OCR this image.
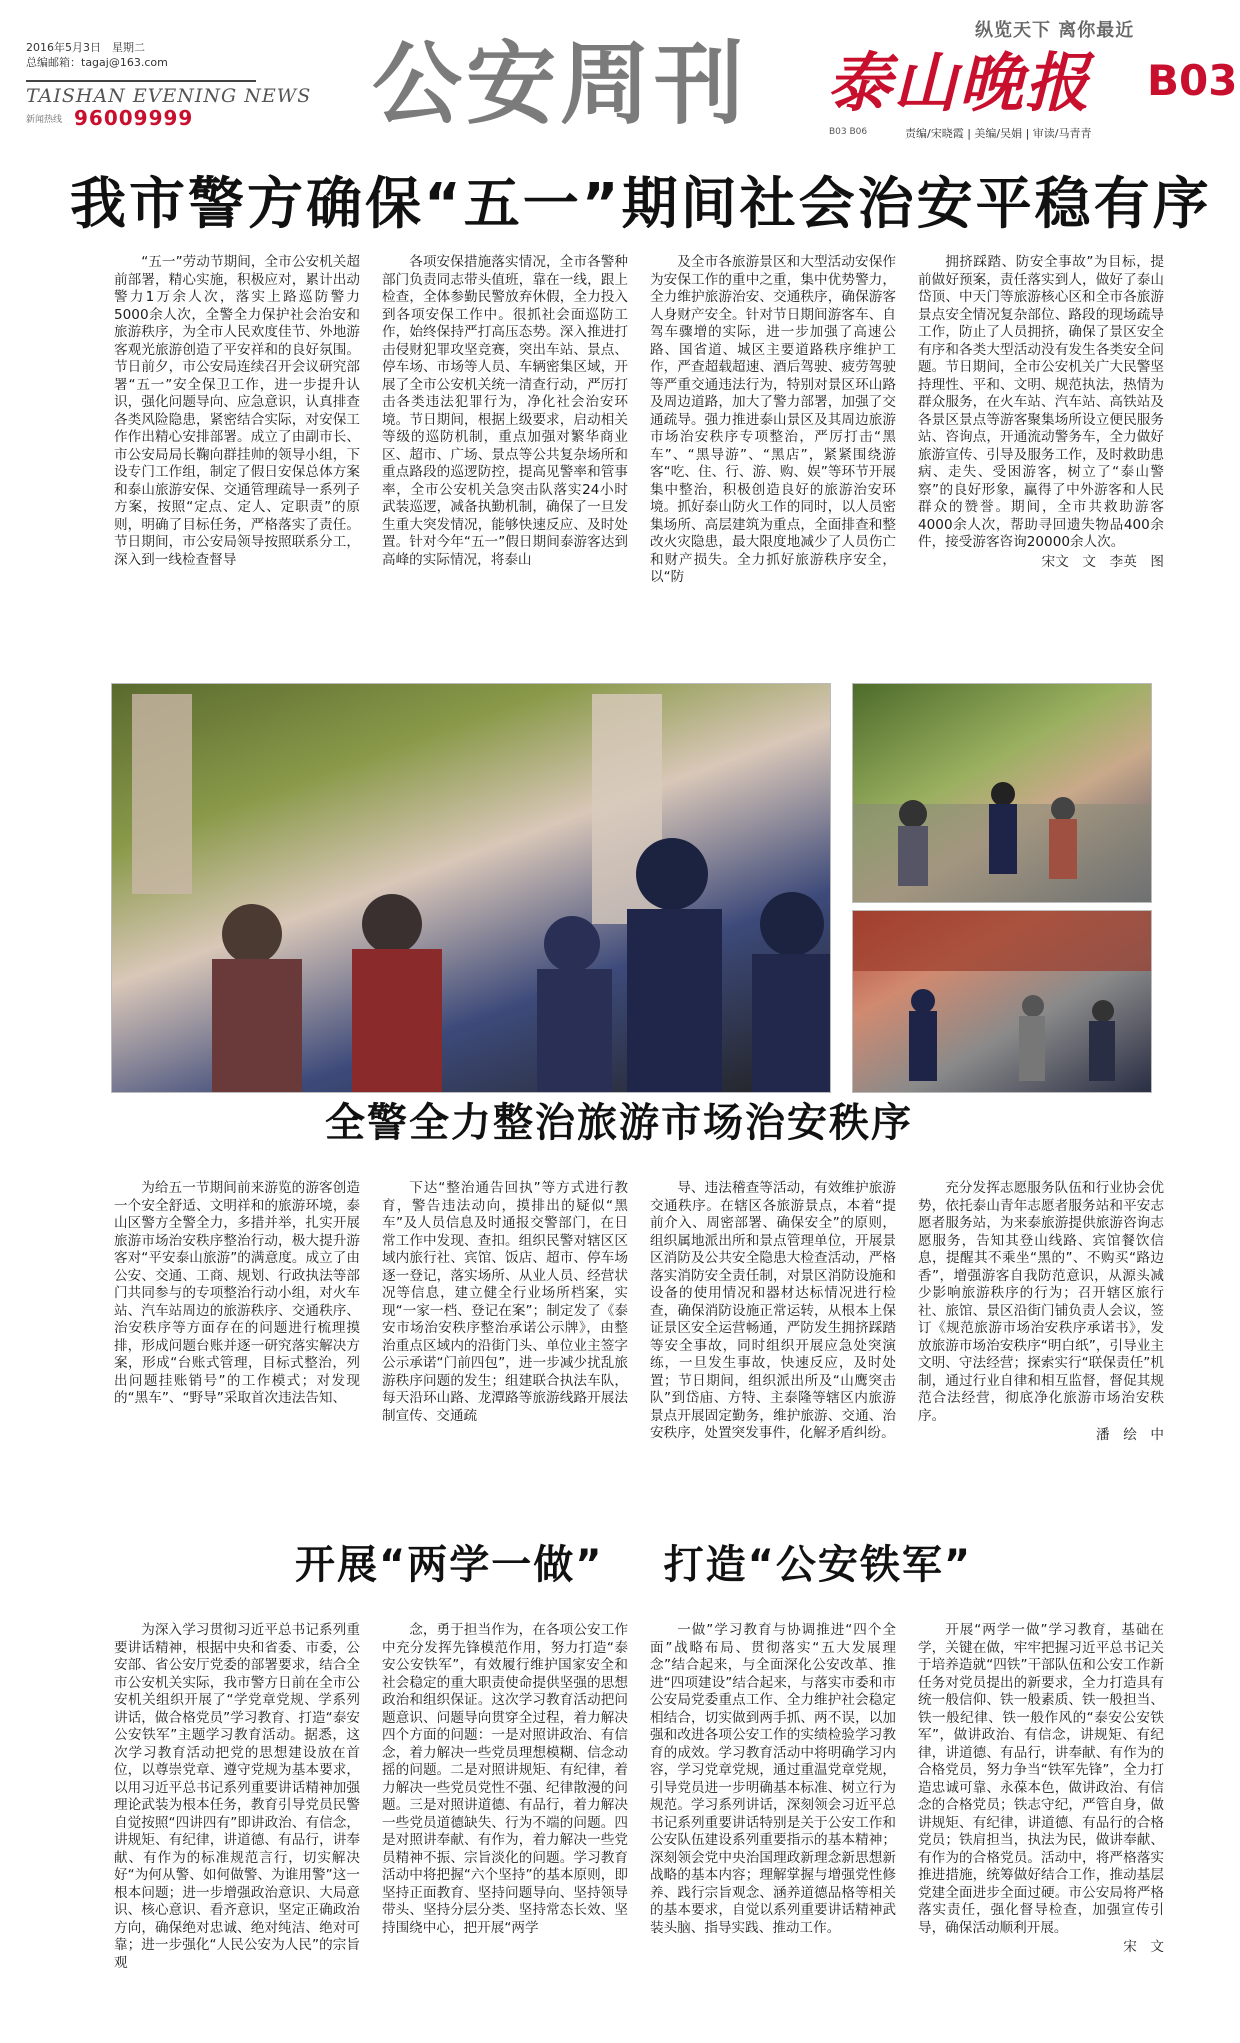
2016年5月3日　星期二
总编邮箱：tagaj@163.com
TAISHAN EVENING NEWS
新闻热线 96009999 公安周刊
纵览天下 离你最近
泰山晚报 B03
B03 B06	责编/宋晓霞 | 美编/吴娟 | 审读/马青青
我市警方确保“五一”期间社会治安平稳有序
“五一”劳动节期间，全市公安机关超前部署，精心实施，积极应对，累计出动警力1万余人次，落实上路巡防警力5000余人次，全警全力保护社会治安和旅游秩序，为全市人民欢度佳节、外地游客观光旅游创造了平安祥和的良好氛围。节日前夕，市公安局连续召开会议研究部署“五一”安全保卫工作，进一步提升认识，强化问题导向、应急意识，认真排查各类风险隐患，紧密结合实际，对安保工作作出精心安排部署。成立了由副市长、市公安局局长鞠向群挂帅的领导小组，下设专门工作组，制定了假日安保总体方案和泰山旅游安保、交通管理疏导一系列子方案，按照“定点、定人、定职责”的原则，明确了目标任务，严格落实了责任。节日期间，市公安局领导按照联系分工，深入到一线检查督导
各项安保措施落实情况，全市各警种部门负责同志带头值班，靠在一线，跟上检查，全体参勤民警放弃休假，全力投入到各项安保工作中。很抓社会面巡防工作，始终保持严打高压态势。深入推进打击侵财犯罪攻坚竞赛，突出车站、景点、停车场、市场等人员、车辆密集区域，开展了全市公安机关统一清查行动，严厉打击各类违法犯罪行为，净化社会治安环境。节日期间，根据上级要求，启动相关等级的巡防机制，重点加强对繁华商业区、超市、广场、景点等公共复杂场所和重点路段的巡逻防控，提高见警率和管事率，全市公安机关急突击队落实24小时武装巡逻，减备执勤机制，确保了一旦发生重大突发情况，能够快速反应、及时处置。针对今年“五一”假日期间泰游客达到高峰的实际情况，将泰山
及全市各旅游景区和大型活动安保作为安保工作的重中之重，集中优势警力，全力维护旅游治安、交通秩序，确保游客人身财产安全。针对节日期间游客车、自驾车骤增的实际，进一步加强了高速公路、国省道、城区主要道路秩序维护工作，严查超载超速、酒后驾驶、疲劳驾驶等严重交通违法行为，特别对景区环山路及周边道路，加大了警力部署，加强了交通疏导。强力推进泰山景区及其周边旅游市场治安秩序专项整治，严厉打击“黑车”、“黑导游”、“黑店”，紧紧围绕游客“吃、住、行、游、购、娱”等环节开展集中整治，积极创造良好的旅游治安环境。抓好泰山防火工作的同时，以人员密集场所、高层建筑为重点，全面排查和整改火灾隐患，最大限度地减少了人员伤亡和财产损失。全力抓好旅游秩序安全，以“防
拥挤踩踏、防安全事故”为目标，提前做好预案，责任落实到人，做好了泰山岱顶、中天门等旅游核心区和全市各旅游景点安全情况复杂部位、路段的现场疏导工作，防止了人员拥挤，确保了景区安全有序和各类大型活动没有发生各类安全问题。节日期间，全市公安机关广大民警坚持理性、平和、文明、规范执法，热情为群众服务，在火车站、汽车站、高铁站及各景区景点等游客聚集场所设立便民服务站、咨询点，开通流动警务车，全力做好旅游宣传、引导及服务工作，及时救助患病、走失、受困游客，树立了“泰山警察”的良好形象，赢得了中外游客和人民群众的赞誉。期间，全市共救助游客4000余人次，帮助寻回遗失物品400余件，接受游客咨询20000余人次。
宋文　文　李英　图
全警全力整治旅游市场治安秩序
为给五一节期间前来游览的游客创造一个安全舒适、文明祥和的旅游环境，泰山区警方全警全力，多措并举，扎实开展旅游市场治安秩序整治行动，极大提升游客对“平安泰山旅游”的满意度。成立了由公安、交通、工商、规划、行政执法等部门共同参与的专项整治行动小组，对火车站、汽车站周边的旅游秩序、交通秩序、治安秩序等方面存在的问题进行梳理摸排，形成问题台账并逐一研究落实解决方案，形成“台账式管理，目标式整治，列出问题挂账销号”的工作模式；对发现的“黑车”、“野导”采取首次违法告知、
下达“整治通告回执”等方式进行教育，警告违法动向，摸排出的疑似“黑车”及人员信息及时通报交警部门，在日常工作中发现、查扣。组织民警对辖区区域内旅行社、宾馆、饭店、超市、停车场逐一登记，落实场所、从业人员、经营状况等信息，建立健全行业场所档案，实现“一家一档、登记在案”；制定发了《泰安市场治安秩序整治承诺公示牌》，由整治重点区域内的沿街门头、单位业主签字公示承诺“门前四包”，进一步减少扰乱旅游秩序问题的发生；组建联合执法车队，每天沿环山路、龙潭路等旅游线路开展法制宣传、交通疏
导、违法稽查等活动，有效维护旅游交通秩序。在辖区各旅游景点，本着“提前介入、周密部署、确保安全”的原则，组织属地派出所和景点管理单位，开展景区消防及公共安全隐患大检查活动，严格落实消防安全责任制，对景区消防设施和设备的使用情况和器材达标情况进行检查，确保消防设施正常运转，从根本上保证景区安全运营畅通，严防发生拥挤踩踏等安全事故，同时组织开展应急处突演练，一旦发生事故，快速反应，及时处置；节日期间，组织派出所及“山鹰突击队”到岱庙、方特、主泰隆等辖区内旅游景点开展固定勤务，维护旅游、交通、治安秩序，处置突发事件，化解矛盾纠纷。
充分发挥志愿服务队伍和行业协会优势，依托泰山青年志愿者服务站和平安志愿者服务站，为来泰旅游提供旅游咨询志愿服务，告知其登山线路、宾馆餐饮信息，提醒其不乘坐“黑的”、不购买“路边香”，增强游客自我防范意识，从源头减少影响旅游秩序的行为；召开辖区旅行社、旅馆、景区沿街门铺负责人会议，签订《规范旅游市场治安秩序承诺书》，发放旅游市场治安秩序“明白纸”，引导业主文明、守法经营；探索实行“联保责任”机制，通过行业自律和相互监督，督促其规范合法经营，彻底净化旅游市场治安秩序。
潘　绘　中
开展“两学一做” 打造“公安铁军”
为深入学习贯彻习近平总书记系列重要讲话精神，根据中央和省委、市委，公安部、省公安厅党委的部署要求，结合全市公安机关实际，我市警方日前在全市公安机关组织开展了“学党章党规、学系列讲话，做合格党员”学习教育、打造“泰安公安铁军”主题学习教育活动。据悉，这次学习教育活动把党的思想建设放在首位，以尊崇党章、遵守党规为基本要求，以用习近平总书记系列重要讲话精神加强理论武装为根本任务，教育引导党员民警自觉按照“四讲四有”即讲政治、有信念，讲规矩、有纪律，讲道德、有品行，讲奉献、有作为的标准规范言行，切实解决好“为何从警、如何做警、为谁用警”这一根本问题；进一步增强政治意识、大局意识、核心意识、看齐意识，坚定正确政治方向，确保绝对忠诚、绝对纯洁、绝对可靠；进一步强化“人民公安为人民”的宗旨观
念，勇于担当作为，在各项公安工作中充分发挥先锋模范作用，努力打造“泰安公安铁军”，有效履行维护国家安全和社会稳定的重大职责使命提供坚强的思想政治和组织保证。这次学习教育活动把问题意识、问题导向贯穿全过程，着力解决四个方面的问题：一是对照讲政治、有信念，着力解决一些党员理想模糊、信念动摇的问题。二是对照讲规矩、有纪律，着力解决一些党员党性不强、纪律散漫的问题。三是对照讲道德、有品行，着力解决一些党员道德缺失、行为不端的问题。四是对照讲奉献、有作为，着力解决一些党员精神不振、宗旨淡化的问题。学习教育活动中将把握“六个坚持”的基本原则，即坚持正面教育、坚持问题导向、坚持领导带头、坚持分层分类、坚持常态长效、坚持围绕中心，把开展“两学
一做”学习教育与协调推进“四个全面”战略布局、贯彻落实“五大发展理念”结合起来，与全面深化公安改革、推进“四项建设”结合起来，与落实市委和市公安局党委重点工作、全力维护社会稳定相结合，切实做到两手抓、两不误，以加强和改进各项公安工作的实绩检验学习教育的成效。学习教育活动中将明确学习内容，学习党章党规，通过重温党章党规，引导党员进一步明确基本标准、树立行为规范。学习系列讲话，深刻领会习近平总书记系列重要讲话特别是关于公安工作和公安队伍建设系列重要指示的基本精神；深刻领会党中央治国理政新理念新思想新战略的基本内容；理解掌握与增强党性修养、践行宗旨观念、涵养道德品格等相关的基本要求，自觉以系列重要讲话精神武装头脑、指导实践、推动工作。
开展“两学一做”学习教育，基础在学，关键在做，牢牢把握习近平总书记关于培养造就“四铁”干部队伍和公安工作新任务对党员提出的新要求，全力打造具有统一般信仰、铁一般素质、铁一般担当、铁一般纪律、铁一般作风的“泰安公安铁军”，做讲政治、有信念，讲规矩、有纪律，讲道德、有品行，讲奉献、有作为的合格党员，努力争当“铁军先锋”，全力打造忠诚可靠、永葆本色，做讲政治、有信念的合格党员；铁志守纪，严管自身，做讲规矩、有纪律，讲道德、有品行的合格党员；铁肩担当，执法为民，做讲奉献、有作为的合格党员。活动中，将严格落实推进措施，统筹做好结合工作，推动基层党建全面进步全面过硬。市公安局将严格落实责任，强化督导检查，加强宣传引导，确保活动顺利开展。
宋　文
